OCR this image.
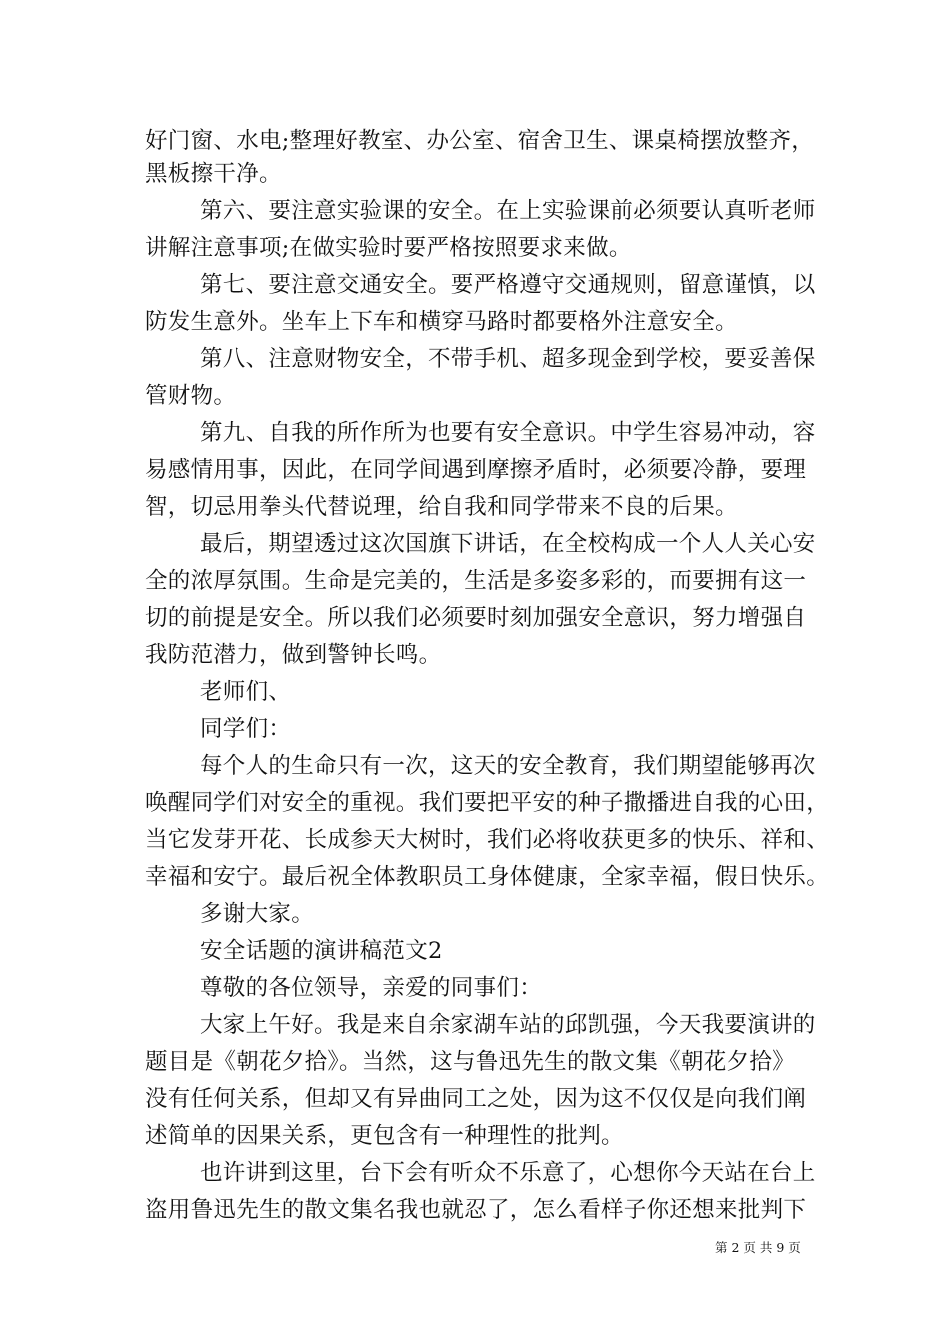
好门窗、水电;整理好教室、办公室、宿舍卫生、课桌椅摆放整齐，
黑板擦干净。
第六、要注意实验课的安全。在上实验课前必须要认真听老师
讲解注意事项;在做实验时要严格按照要求来做。
第七、要注意交通安全。要严格遵守交通规则，留意谨慎，以
防发生意外。坐车上下车和横穿马路时都要格外注意安全。
第八、注意财物安全，不带手机、超多现金到学校，要妥善保
管财物。
第九、自我的所作所为也要有安全意识。中学生容易冲动，容
易感情用事，因此，在同学间遇到摩擦矛盾时，必须要冷静，要理
智，切忌用拳头代替说理，给自我和同学带来不良的后果。
最后，期望透过这次国旗下讲话，在全校构成一个人人关心安
全的浓厚氛围。生命是完美的，生活是多姿多彩的，而要拥有这一
切的前提是安全。所以我们必须要时刻加强安全意识，努力增强自
我防范潜力，做到警钟长鸣。
老师们、
同学们：
每个人的生命只有一次，这天的安全教育，我们期望能够再次
唤醒同学们对安全的重视。我们要把平安的种子撒播进自我的心田，
当它发芽开花、长成参天大树时，我们必将收获更多的快乐、祥和、
幸福和安宁。最后祝全体教职员工身体健康，全家幸福，假日快乐。
多谢大家。
安全话题的演讲稿范文2
尊敬的各位领导，亲爱的同事们：
大家上午好。我是来自余家湖车站的邱凯强，今天我要演讲的
题目是《朝花夕拾》。当然，这与鲁迅先生的散文集《朝花夕拾》
没有任何关系，但却又有异曲同工之处，因为这不仅仅是向我们阐
述简单的因果关系，更包含有一种理性的批判。
也许讲到这里，台下会有听众不乐意了，心想你今天站在台上
盗用鲁迅先生的散文集名我也就忍了，怎么看样子你还想来批判下
第 2 页 共 9 页
